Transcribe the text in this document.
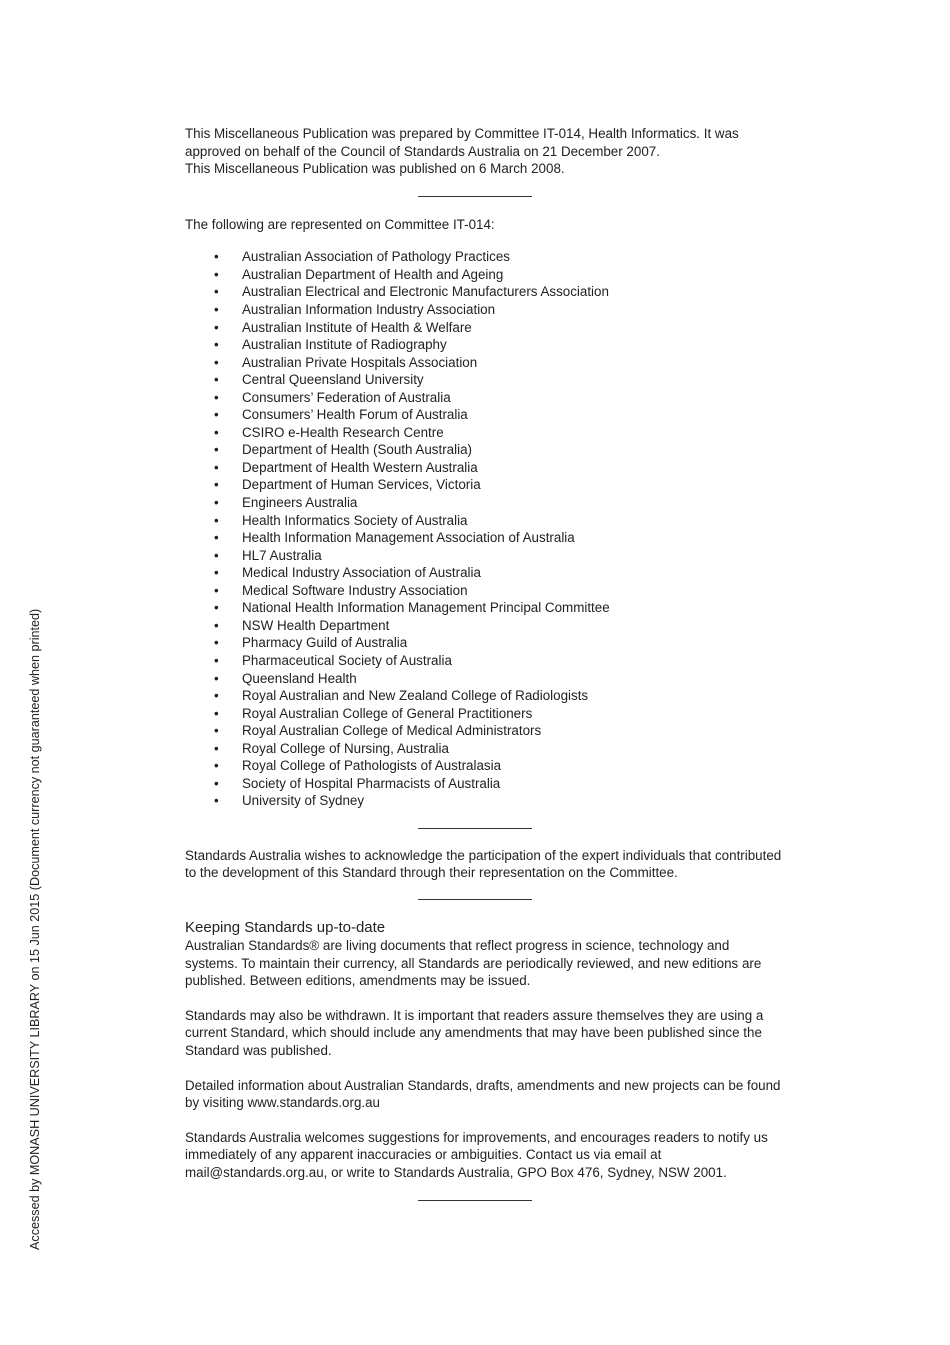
This Miscellaneous Publication was prepared by Committee IT-014, Health Informatics. It was

approved on behalf of the Council of Standards Australia on 21 December 2007.

This Miscellaneous Publication was published on 6 March 2008.

The following are represented on Committee IT-014:

• Australian Association of Pathology Practices
• Australian Department of Health and Ageing
• Australian Electrical and Electronic Manufacturers Association
• Australian Information Industry Association
• Australian Institute of Health & Welfare
• Australian Institute of Radiography
• Australian Private Hospitals Association
• Central Queensland University
• Consumers’ Federation of Australia
• Consumers’ Health Forum of Australia
• CSIRO e-Health Research Centre
• Department of Health (South Australia)
• Department of Health Western Australia
• Department of Human Services, Victoria
• Engineers Australia
• Health Informatics Society of Australia
• Health Information Management Association of Australia
• HL7 Australia
• Medical Industry Association of Australia
• Medical Software Industry Association
• National Health Information Management Principal Committee
• NSW Health Department
• Pharmacy Guild of Australia
• Pharmaceutical Society of Australia
• Queensland Health
• Royal Australian and New Zealand College of Radiologists
• Royal Australian College of General Practitioners
• Royal Australian College of Medical Administrators
• Royal College of Nursing, Australia
• Royal College of Pathologists of Australasia
• Society of Hospital Pharmacists of Australia
• University of Sydney

Standards Australia wishes to acknowledge the participation of the expert individuals that contributed to the development of this Standard through their representation on the Committee.

Keeping Standards up-to-date

Australian Standards® are living documents that reflect progress in science, technology and systems. To maintain their currency, all Standards are periodically reviewed, and new editions are published. Between editions, amendments may be issued.

Standards may also be withdrawn. It is important that readers assure themselves they are using a current Standard, which should include any amendments that may have been published since the Standard was published.

Detailed information about Australian Standards, drafts, amendments and new projects can be found by visiting www.standards.org.au

Standards Australia welcomes suggestions for improvements, and encourages readers to notify us immediately of any apparent inaccuracies or ambiguities. Contact us via email at mail@standards.org.au, or write to Standards Australia, GPO Box 476, Sydney, NSW 2001.

Accessed by MONASH UNIVERSITY LIBRARY on 15 Jun 2015 (Document currency not guaranteed when printed)
